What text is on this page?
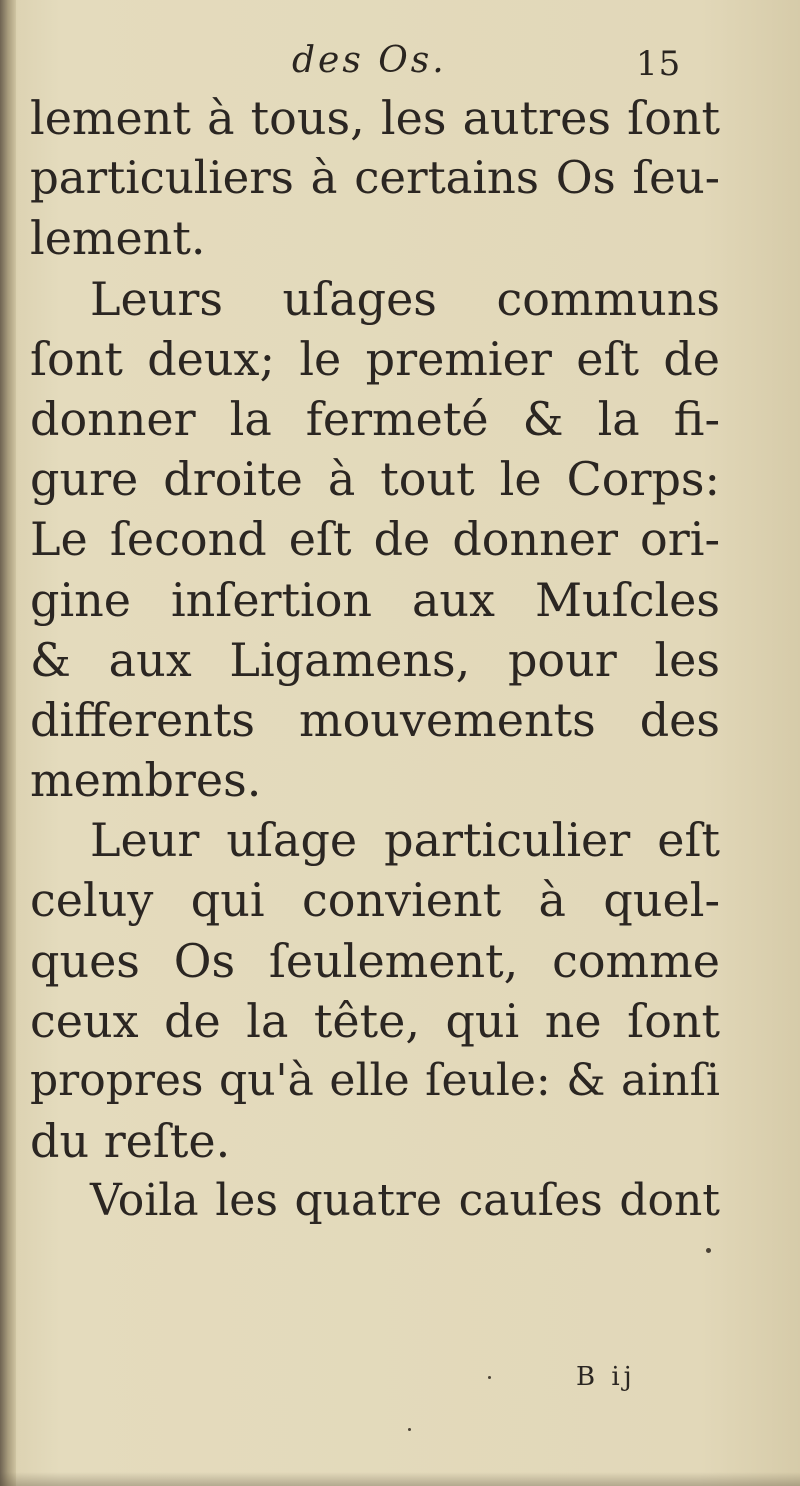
des Os.	15
lement à tous, les autres ſont
particuliers à certains Os ſeu-
lement.
Leurs uſages communs
ſont deux; le premier eſt de
donner la fermeté & la fi-
gure droite à tout le Corps:
Le ſecond eſt de donner ori-
gine inſertion aux Muſcles
& aux Ligamens, pour les
differents mouvements des
membres.
Leur uſage particulier eſt
celuy qui convient à quel-
ques Os ſeulement, comme
ceux de la tête, qui ne ſont
propres qu'à elle ſeule: & ainſi
du reſte.
Voila les quatre cauſes dont
B ij
